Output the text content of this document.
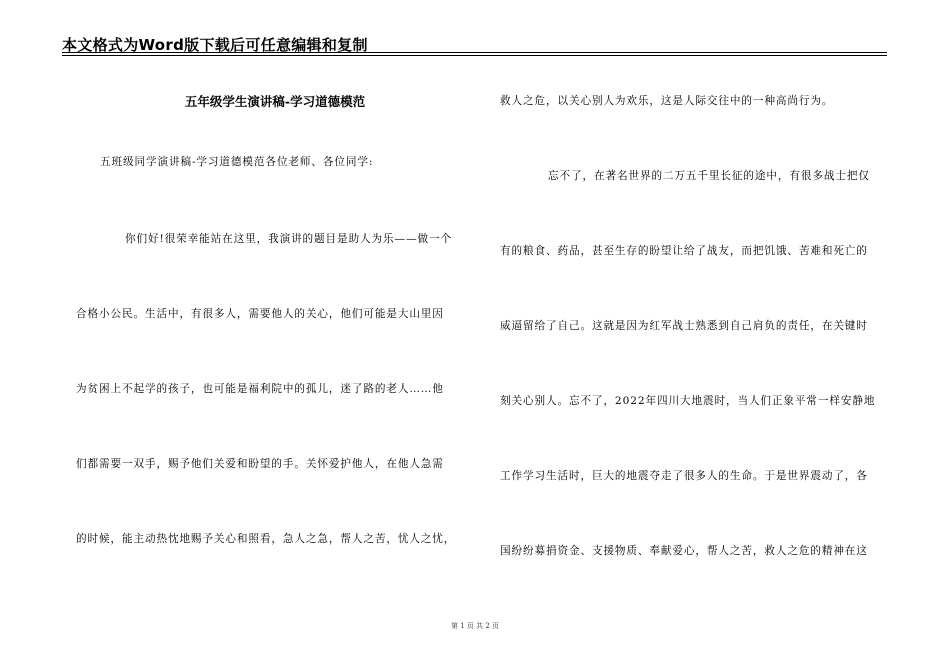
本文格式为Word版下载后可任意编辑和复制
五年级学生演讲稿-学习道德模范
五班级同学演讲稿-学习道德模范各位老师、各位同学:
你们好!很荣幸能站在这里，我演讲的题目是助人为乐——做一个
合格小公民。生活中，有很多人，需要他人的关心，他们可能是大山里因
为贫困上不起学的孩子，也可能是福利院中的孤儿，迷了路的老人……他
们都需要一双手，赐予他们关爱和盼望的手。关怀爱护他人，在他人急需
的时候，能主动热忱地赐予关心和照看，急人之急，帮人之苦，忧人之忧，
救人之危，以关心别人为欢乐，这是人际交往中的一种高尚行为。
忘不了，在著名世界的二万五千里长征的途中，有很多战士把仅
有的粮食、药品，甚至生存的盼望让给了战友，而把饥饿、苦难和死亡的
威逼留给了自己。这就是因为红军战士熟悉到自己肩负的责任，在关键时
刻关心别人。忘不了，2022年四川大地震时，当人们正象平常一样安静地
工作学习生活时，巨大的地震夺走了很多人的生命。于是世界震动了，各
国纷纷募捐资金、支援物质、奉献爱心，帮人之苦，救人之危的精神在这
第 1 页 共 2 页
